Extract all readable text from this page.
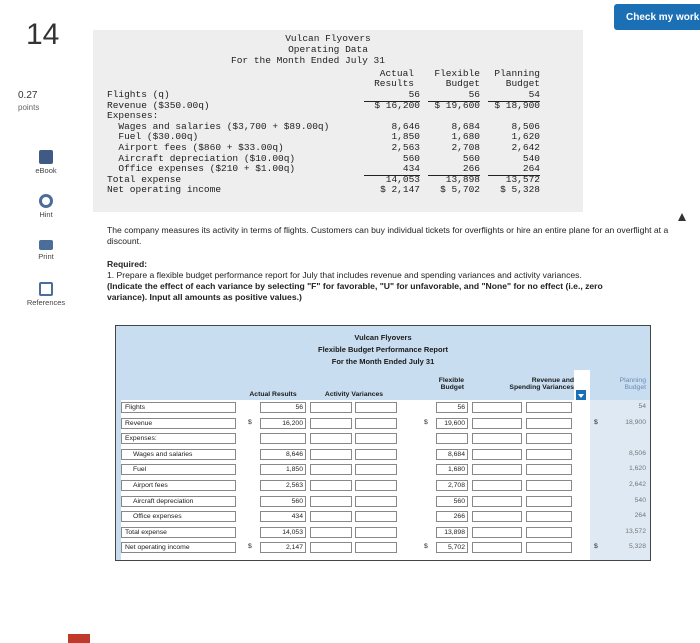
14
Check my work
0.27
points
eBook
Hint
Print
References
Vulcan Flyovers
Operating Data
For the Month Ended July 31
Actual
Results
Flexible
Budget
Planning
Budget
Flights (q)	56	56	54
Revenue ($350.00q)	$ 16,200	$ 19,600	$ 18,900
Expenses:
Wages and salaries ($3,700 + $89.00q)	8,646	8,684	8,506
Fuel ($30.00q)	1,850	1,680	1,620
Airport fees ($860 + $33.00q)	2,563	2,708	2,642
Aircraft depreciation ($10.00q)	560	560	540
Office expenses ($210 + $1.00q)	434	266	264
Total expense	14,053	13,898	13,572
Net operating income	$ 2,147	$ 5,702	$ 5,328
The company measures its activity in terms of flights. Customers can buy individual tickets for overflights or hire an entire plane for an overflight at a discount.
Required:
1. Prepare a flexible budget performance report for July that includes revenue and spending variances and activity variances.
(Indicate the effect of each variance by selecting "F" for favorable, "U" for unfavorable, and "None" for no effect (i.e., zero
variance). Input all amounts as positive values.)
Vulcan Flyovers
Flexible Budget Performance Report
For the Month Ended July 31
Actual Results	Activity Variances
Flexible
Budget
Revenue and
Spending Variances
Planning
Budget
Flights	56	56	54
Revenue	$	16,200	$	19,600	$	18,900
Expenses:
Wages and salaries	8,646	8,684	8,506
Fuel	1,850	1,680	1,620
Airport fees	2,563	2,708	2,642
Aircraft depreciation	560	560	540
Office expenses	434	266	264
Total expense	14,053	13,898	13,572
Net operating income	$	2,147	$	5,702	$	5,328
